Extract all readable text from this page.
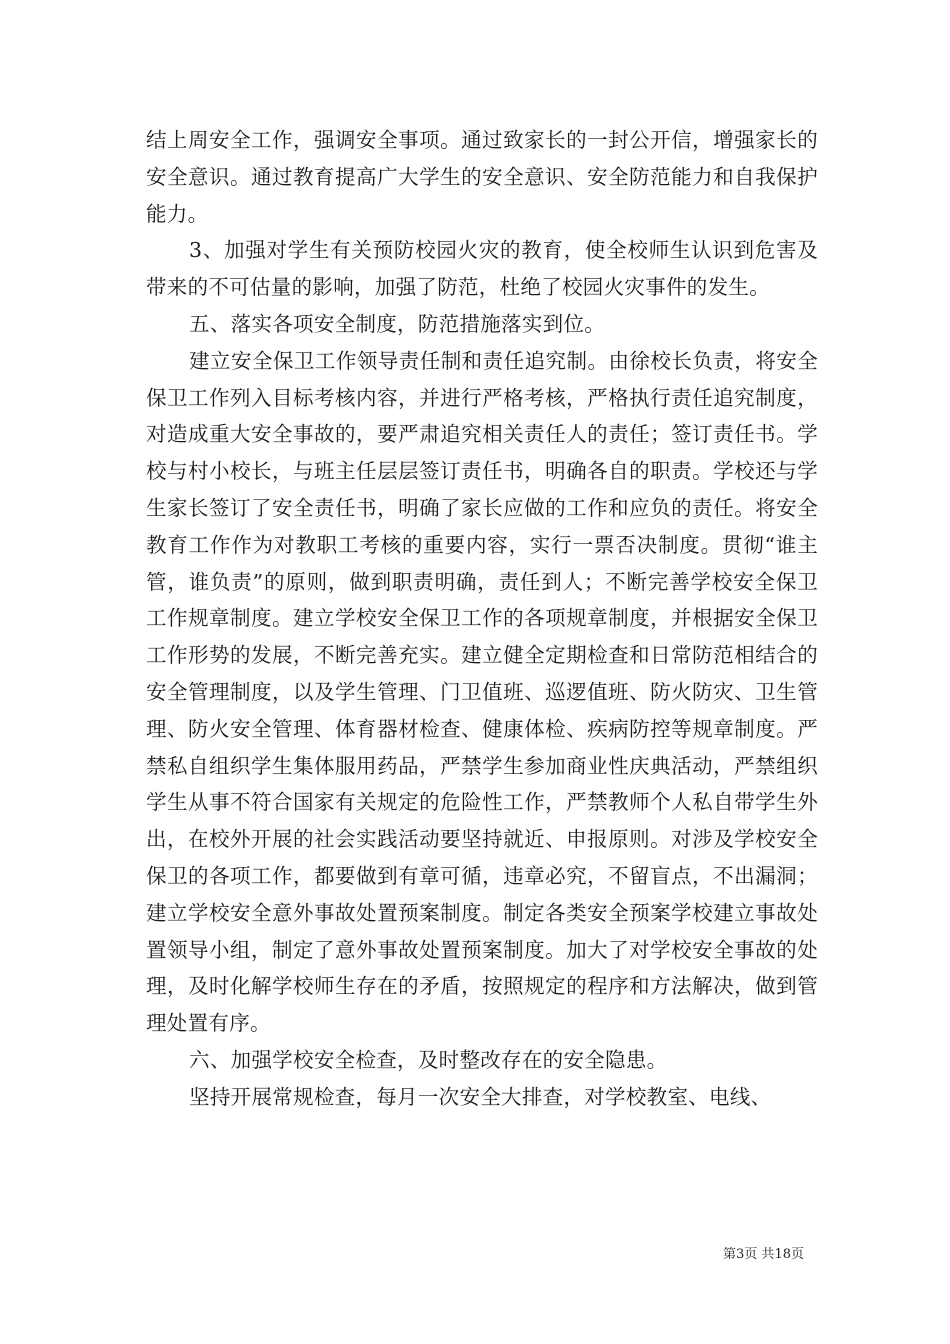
结上周安全工作，强调安全事项。通过致家长的一封公开信，增强家长的安全意识。通过教育提高广大学生的安全意识、安全防范能力和自我保护能力。

3、加强对学生有关预防校园火灾的教育，使全校师生认识到危害及带来的不可估量的影响，加强了防范，杜绝了校园火灾事件的发生。

五、落实各项安全制度，防范措施落实到位。

建立安全保卫工作领导责任制和责任追究制。由徐校长负责，将安全保卫工作列入目标考核内容，并进行严格考核，严格执行责任追究制度，对造成重大安全事故的，要严肃追究相关责任人的责任；签订责任书。学校与村小校长，与班主任层层签订责任书，明确各自的职责。学校还与学生家长签订了安全责任书，明确了家长应做的工作和应负的责任。将安全教育工作作为对教职工考核的重要内容，实行一票否决制度。贯彻“谁主管，谁负责”的原则，做到职责明确，责任到人；不断完善学校安全保卫工作规章制度。建立学校安全保卫工作的各项规章制度，并根据安全保卫工作形势的发展，不断完善充实。建立健全定期检查和日常防范相结合的安全管理制度，以及学生管理、门卫值班、巡逻值班、防火防灾、卫生管理、防火安全管理、体育器材检查、健康体检、疾病防控等规章制度。严禁私自组织学生集体服用药品，严禁学生参加商业性庆典活动，严禁组织学生从事不符合国家有关规定的危险性工作，严禁教师个人私自带学生外出，在校外开展的社会实践活动要坚持就近、申报原则。对涉及学校安全保卫的各项工作，都要做到有章可循，违章必究，不留盲点，不出漏洞；建立学校安全意外事故处置预案制度。制定各类安全预案学校建立事故处置领导小组，制定了意外事故处置预案制度。加大了对学校安全事故的处理，及时化解学校师生存在的矛盾，按照规定的程序和方法解决，做到管理处置有序。

六、加强学校安全检查，及时整改存在的安全隐患。

坚持开展常规检查，每月一次安全大排查，对学校教室、电线、

第3页 共18页
